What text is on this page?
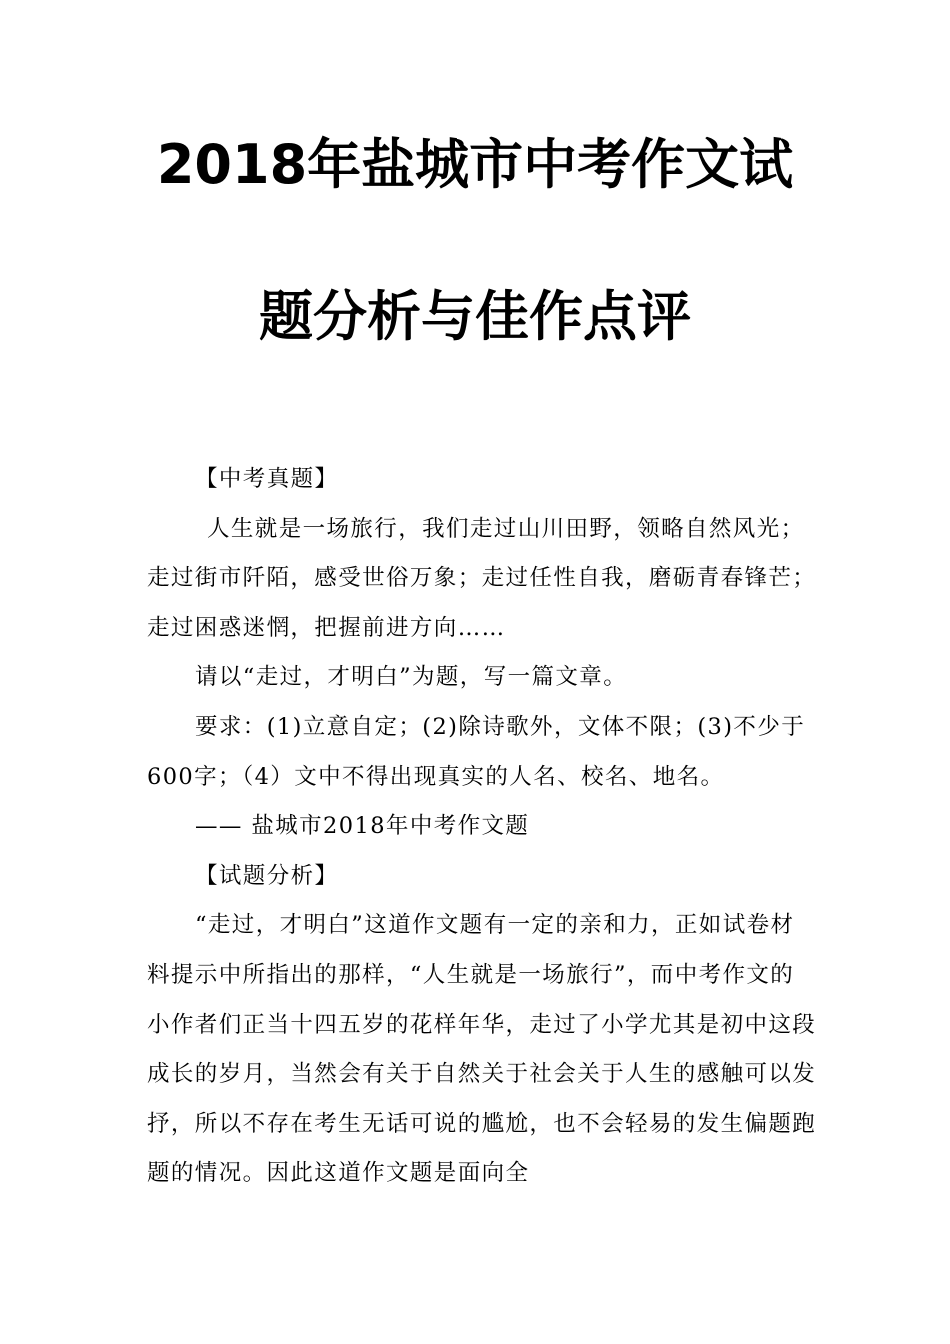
2018年盐城市中考作文试
题分析与佳作点评

【中考真题】

人生就是一场旅行，我们走过山川田野，领略自然风光；走过街市阡陌，感受世俗万象；走过任性自我，磨砺青春锋芒；走过困惑迷惘，把握前进方向……

请以“走过，才明白”为题，写一篇文章。

要求：(1)立意自定；(2)除诗歌外，文体不限；(3)不少于600字；（4）文中不得出现真实的人名、校名、地名。

—— 盐城市2018年中考作文题

【试题分析】

“走过，才明白”这道作文题有一定的亲和力，正如试卷材料提示中所指出的那样，“人生就是一场旅行”，而中考作文的小作者们正当十四五岁的花样年华，走过了小学尤其是初中这段成长的岁月，当然会有关于自然关于社会关于人生的感触可以发抒，所以不存在考生无话可说的尴尬，也不会轻易的发生偏题跑题的情况。因此这道作文题是面向全
